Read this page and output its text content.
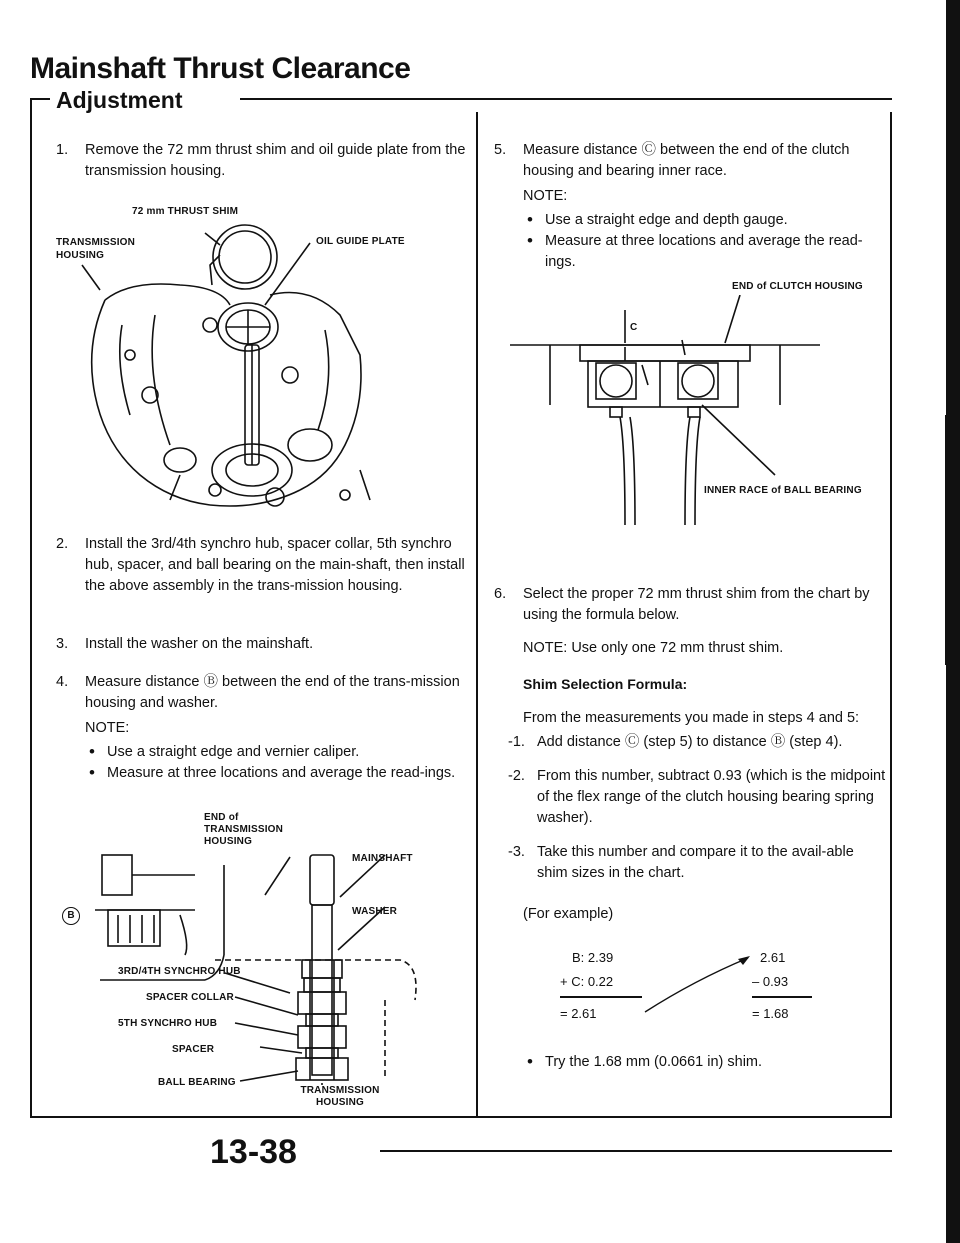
Mainshaft Thrust Clearance
Adjustment
1. Remove the 72 mm thrust shim and oil guide plate from the transmission housing.
72 mm THRUST SHIM
TRANSMISSION HOUSING
OIL GUIDE PLATE
2. Install the 3rd/4th synchro hub, spacer collar, 5th synchro hub, spacer, and ball bearing on the main-shaft, then install the above assembly in the trans-mission housing.
3. Install the washer on the mainshaft.
4. Measure distance Ⓑ between the end of the trans-mission housing and washer.
NOTE:
• Use a straight edge and vernier caliper.
• Measure at three locations and average the read-ings.
END of TRANSMISSION HOUSING
MAINSHAFT
WASHER
3RD/4TH SYNCHRO HUB
SPACER COLLAR
5TH SYNCHRO HUB
SPACER
BALL BEARING
TRANSMISSION HOUSING
B
13-38
5. Measure distance Ⓒ between the end of the clutch housing and bearing inner race.
NOTE:
• Use a straight edge and depth gauge.
• Measure at three locations and average the read-ings.
END of CLUTCH HOUSING
C
INNER RACE of BALL BEARING
6. Select the proper 72 mm thrust shim from the chart by using the formula below.
NOTE: Use only one 72 mm thrust shim.
Shim Selection Formula:
From the measurements you made in steps 4 and 5:
-1. Add distance Ⓒ (step 5) to distance Ⓑ (step 4).
-2. From this number, subtract 0.93 (which is the midpoint of the flex range of the clutch housing bearing spring washer).
-3. Take this number and compare it to the avail-able shim sizes in the chart.
(For example)
B: 2.39
+ C: 0.22
= 2.61
2.61
– 0.93
= 1.68
• Try the 1.68 mm (0.0661 in) shim.
